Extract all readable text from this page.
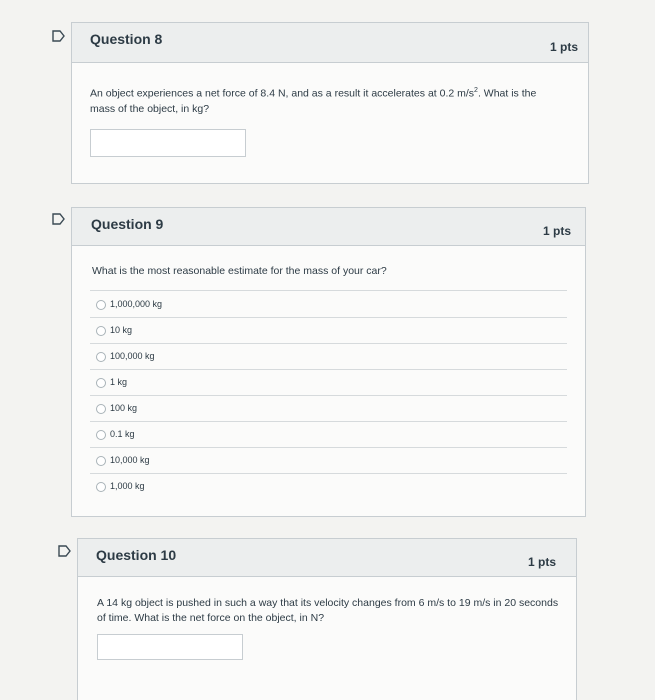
Question 8	1 pts
An object experiences a net force of 8.4 N, and as a result it accelerates at 0.2 $m/s^2$. What is the mass of the object, in kg?
Question 9	1 pts
What is the most reasonable estimate for the mass of your car?
1,000,000 kg
10 kg
100,000 kg
1 kg
100 kg
0.1 kg
10,000 kg
1,000 kg
Question 10	1 pts
A 14 kg object is pushed in such a way that its velocity changes from 6 m/s to 19 m/s in 20 seconds of time. What is the net force on the object, in N?
